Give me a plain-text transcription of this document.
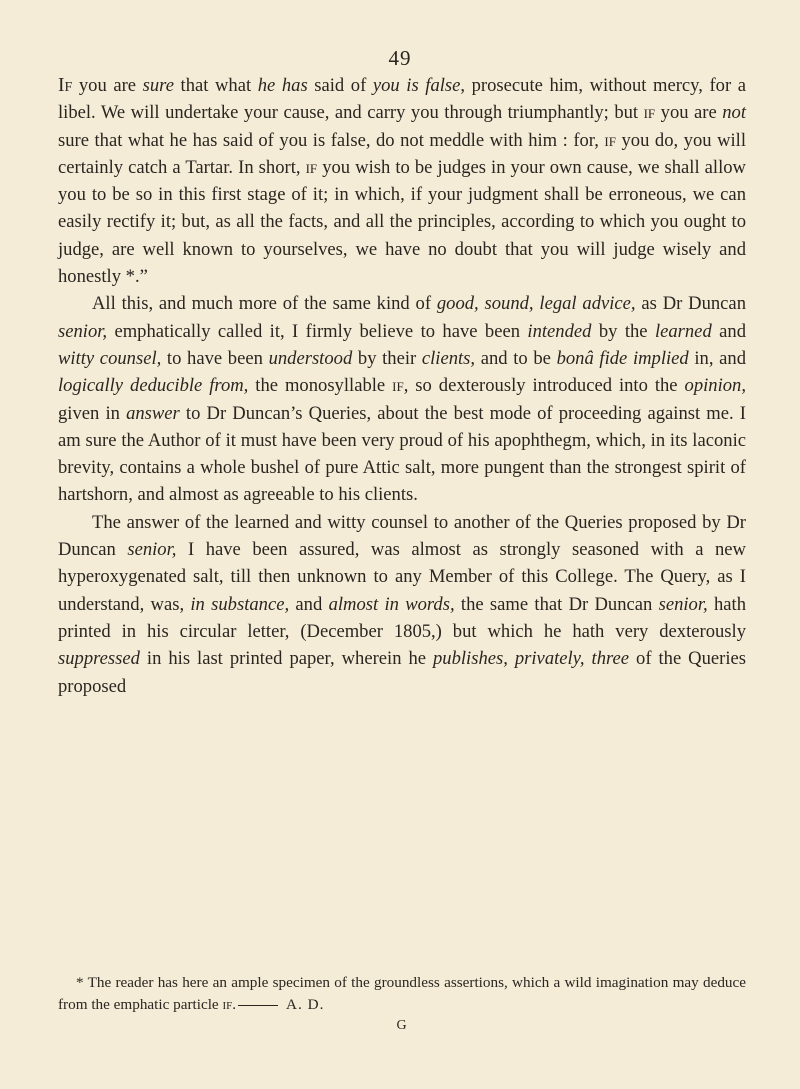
49

If you are sure that what he has said of you is false, prosecute him, without mercy, for a libel. We will undertake your cause, and carry you through triumphantly; but if you are not sure that what he has said of you is false, do not meddle with him : for, if you do, you will certainly catch a Tartar. In short, if you wish to be judges in your own cause, we shall allow you to be so in this first stage of it; in which, if your judgment shall be erroneous, we can easily rectify it; but, as all the facts, and all the principles, according to which you ought to judge, are well known to yourselves, we have no doubt that you will judge wisely and honestly *.”

All this, and much more of the same kind of good, sound, legal advice, as Dr Duncan senior, emphatically called it, I firmly believe to have been intended by the learned and witty counsel, to have been understood by their clients, and to be bonâ fide implied in, and logically deducible from, the monosyllable if, so dexterously introduced into the opinion, given in answer to Dr Duncan’s Queries, about the best mode of proceeding against me. I am sure the Author of it must have been very proud of his apophthegm, which, in its laconic brevity, contains a whole bushel of pure Attic salt, more pungent than the strongest spirit of hartshorn, and almost as agreeable to his clients.

The answer of the learned and witty counsel to another of the Queries proposed by Dr Duncan senior, I have been assured, was almost as strongly seasoned with a new hyperoxygenated salt, till then unknown to any Member of this College. The Query, as I understand, was, in substance, and almost in words, the same that Dr Duncan senior, hath printed in his circular letter, (December 1805,) but which he hath very dexterously suppressed in his last printed paper, wherein he publishes, privately, three of the Queries proposed

* The reader has here an ample specimen of the groundless assertions, which a wild imagination may deduce from the emphatic particle if.	A. D.

G
